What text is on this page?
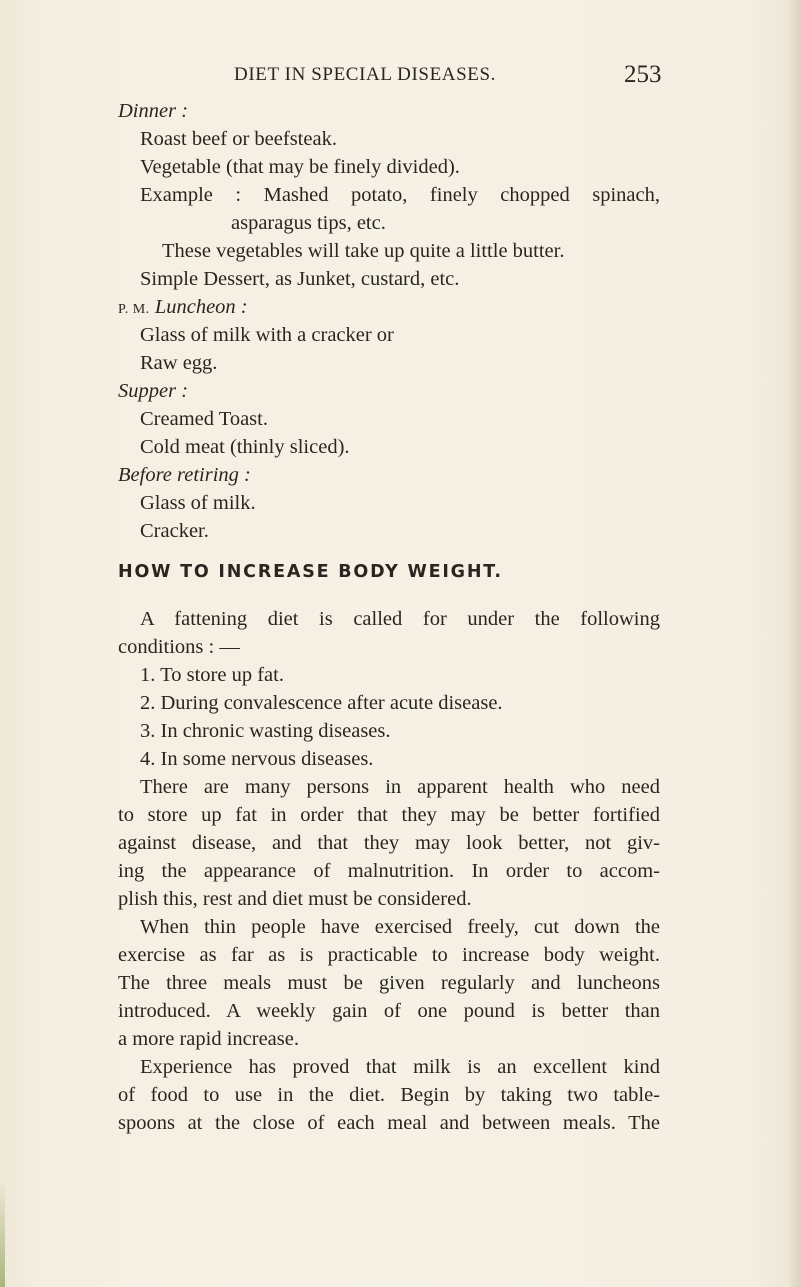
DIET IN SPECIAL DISEASES.	253
Dinner :
Roast beef or beefsteak.
Vegetable (that may be finely divided).
Example : Mashed potato, finely chopped spinach,
asparagus tips, etc.
These vegetables will take up quite a little butter.
Simple Dessert, as Junket, custard, etc.
P. M. Luncheon :
Glass of milk with a cracker or
Raw egg.
Supper :
Creamed Toast.
Cold meat (thinly sliced).
Before retiring :
Glass of milk.
Cracker.
HOW TO INCREASE BODY WEIGHT.
A fattening diet is called for under the following
conditions : —
1. To store up fat.
2. During convalescence after acute disease.
3. In chronic wasting diseases.
4. In some nervous diseases.
There are many persons in apparent health who need
to store up fat in order that they may be better fortified
against disease, and that they may look better, not giv-
ing the appearance of malnutrition. In order to accom-
plish this, rest and diet must be considered.
When thin people have exercised freely, cut down the
exercise as far as is practicable to increase body weight.
The three meals must be given regularly and luncheons
introduced. A weekly gain of one pound is better than
a more rapid increase.
Experience has proved that milk is an excellent kind
of food to use in the diet. Begin by taking two table-
spoons at the close of each meal and between meals. The
